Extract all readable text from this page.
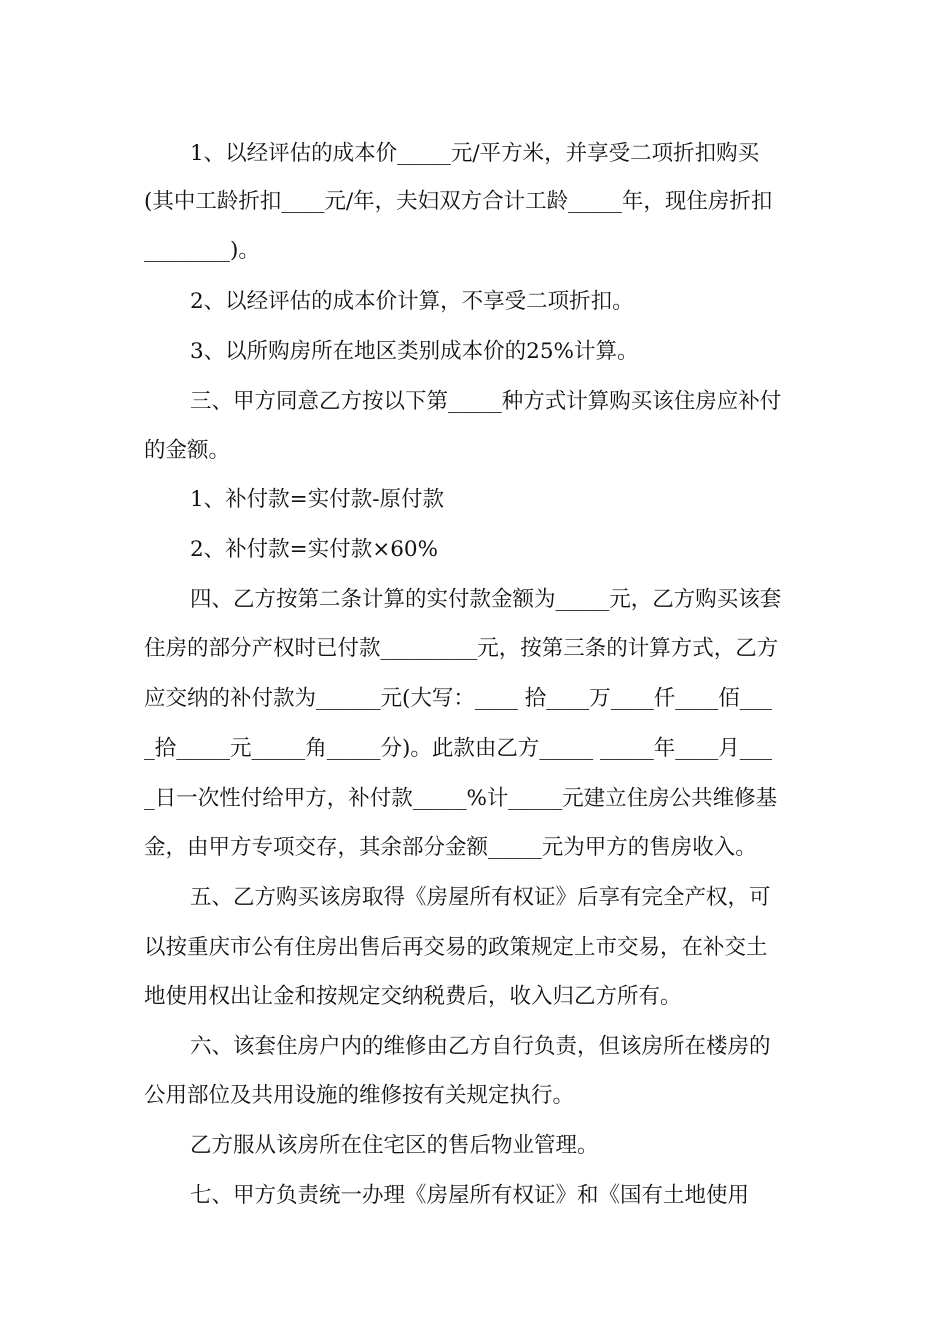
1、以经评估的成本价_____元/平方米，并享受二项折扣购买
(其中工龄折扣____元/年，夫妇双方合计工龄_____年，现住房折扣
________)。
2、以经评估的成本价计算，不享受二项折扣。
3、以所购房所在地区类别成本价的25%计算。
三、甲方同意乙方按以下第_____种方式计算购买该住房应补付
的金额。
1、补付款=实付款-原付款
2、补付款=实付款×60%
四、乙方按第二条计算的实付款金额为_____元，乙方购买该套
住房的部分产权时已付款_________元，按第三条的计算方式，乙方
应交纳的补付款为______元(大写：____ 拾____万____仟____佰___
_拾_____元_____角_____分)。此款由乙方_____ _____年____月___
_日一次性付给甲方，补付款_____%计_____元建立住房公共维修基
金，由甲方专项交存，其余部分金额_____元为甲方的售房收入。
五、乙方购买该房取得《房屋所有权证》后享有完全产权，可
以按重庆市公有住房出售后再交易的政策规定上市交易，在补交土
地使用权出让金和按规定交纳税费后，收入归乙方所有。
六、该套住房户内的维修由乙方自行负责，但该房所在楼房的
公用部位及共用设施的维修按有关规定执行。
乙方服从该房所在住宅区的售后物业管理。
七、甲方负责统一办理《房屋所有权证》和《国有土地使用
